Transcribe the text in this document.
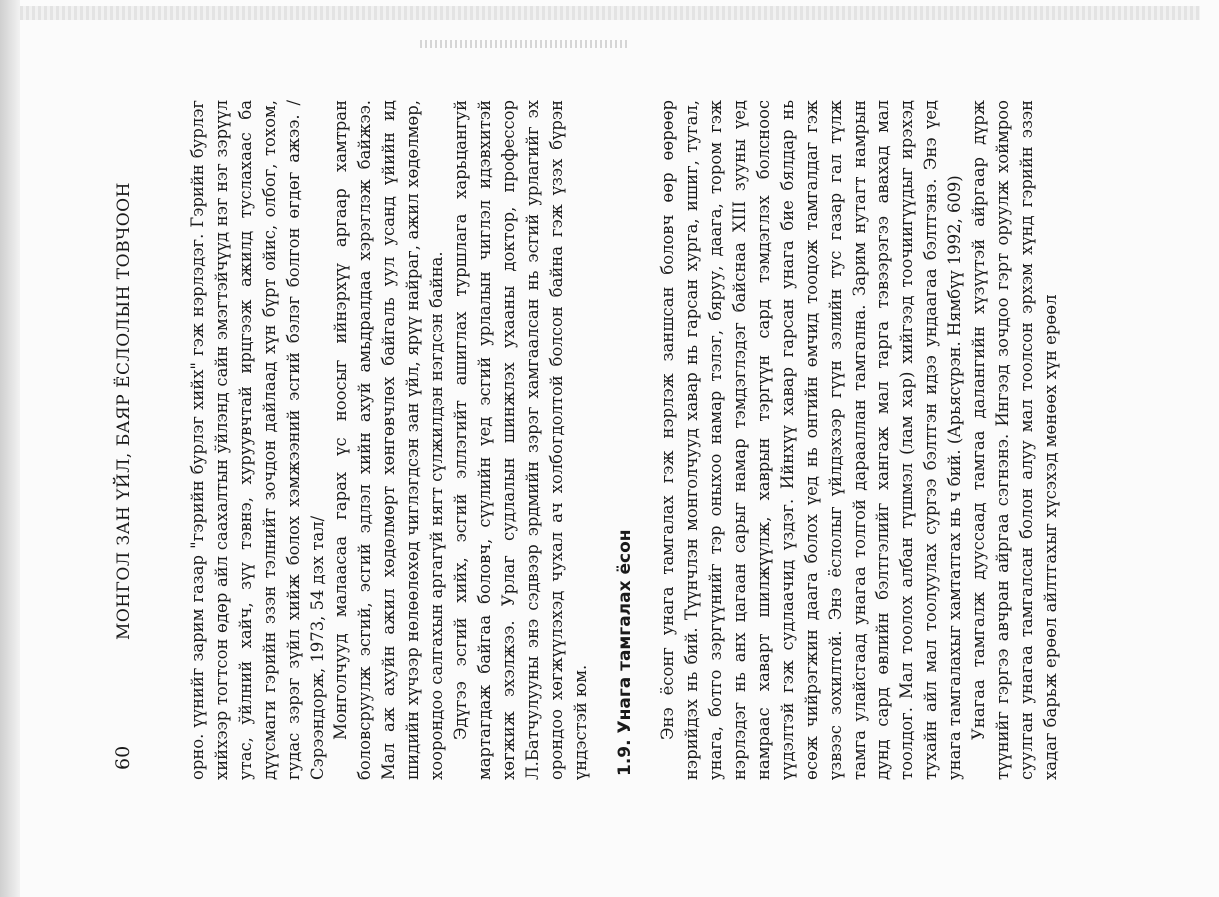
60
МОНГОЛ ЗАН ҮЙЛ, БАЯР ЁСЛОЛЫН ТОВЧООН	орно. үүнийг зарим газар "гэрийн бурлэг хийх" гэж нэрлэдэг. Гэрийн бурлэг хийхээр тогтсон өдөр айл саахалтын ўйлэнд сайн эмэгтэйчүүд нэг нэг зэрүүл утас, ўйлний хайч, зүү тэвнэ, хуруувчтай ирцгээж ажилд туслахаас ба дүүсмаги гэрийн эзэн тэлнийт зочдон дайлаад хүн бүрт ойис, олбог, тохом, гудас зэрэг зүйл хийж болох хэмжээний эсгий бэлэг болгон өгдөг ажээ. /Сэрээндорж, 1973, 54 дэх тал/ Монголчууд малаасаа гарах үс ноосыг ийнэрхүү аргаар хамтран боловсруулж эсгий, эсгий эдлэл хийн ахуй амьдралдаа хэрэглэж байжээ. Мал аж ахуйн ажил хөдөлмөрт хөнгөвчлөх байгаль уул усанд үйийн ид шидийн хүчээр нөлөөлөхөд чиглэгдсэн зан үйл, ярүү найраг, ажил хөдөлмөр, хоорондоо салгахын аргагүй нягт сүлжилдэн нэгдсэн байна. Эдүгээ эсгий хийх, эсгий эллэгийт ашиглах туршлага харьцангуй мартагдаж байгаа боловч, сүүлийн үед эсгий урлалын чиглэл идэвхитэй хөгжиж эхэлжээ. Урлаг судлалын шинжлэх ухааны доктор, профессор Л.Батчулууны энэ сэдвээр эрдмийн зэрэг хамгаалсан нь эсгий урлагийг эх орондоо хөгжүүлэхэд чухал ач холбогдолтой болсон байна гэж үзэх бүрэн үндэстэй юм. 1.9. Унага тамгалах ёсон Энэ ёсонг унага тамгалах гэж нэрлэж заншсан боловч өөр өөрөөр нэрийдэх нь бий. Түүнчлэн монголчууд хавар нь гарсан хурга, ишиг, тугал, унага, ботго зэргүүнийг тэр оныхоо намар тэлэг, бяруу, даага, тором гэж нэрлэдэг нь анх цагаан сарыг намар тэмдэглэдэг байснаа XIII зууны үед намраас хаварт шилжүүлж, хаврын тэргүүн сард тэмдэглэх болсноос үүдэлтэй гэж судлаачид үздэг. Ийнхүү хавар гарсан унага бие бялдар нь өсөж чийрэгжин даага болох үед нь онгийн өмчид тооцож тамгалдаг гэж үзвээс зохилтой. Энэ ёслолыг үйлдэхээр гүүн зэлийн тус газар гал түлж тамга улайсгаад унагаа толгой дарааллан тамгална. Зарим нутагт намрын дунд сард өвлийн бэлтгэлийг хангаж мал тарга тэвээрэгээ авахад мал тоолдог. Мал тоолох албан түшмэл (лам хар) хийгээд тоочиигүүдыг ирэхэд тухайн айл мал тоолуулах сургээ бэлтгэн идээ ундаагаа бэлтгэнэ. Энэ үед унага тамгалахыг хамтатгах нь ч бий. (Арьясүрэн. Нямбүү 1992, 609) Унагаа тамгалж дууссаад тамгаа далангийн хүзүүтэй айргаар дүрж түүнийг гэргээ авчран айргаа сэгнэнэ. Ингээд зочдоо гэрт оруулж хоймроо суулган унагаа тамгалсан болон алуу мал тоолсон эрхэм хүнд гэрийн эзэн хадаг барьж ерөөл айлтгахыг хүсэхэд мөнөөх хүн ерөөл
